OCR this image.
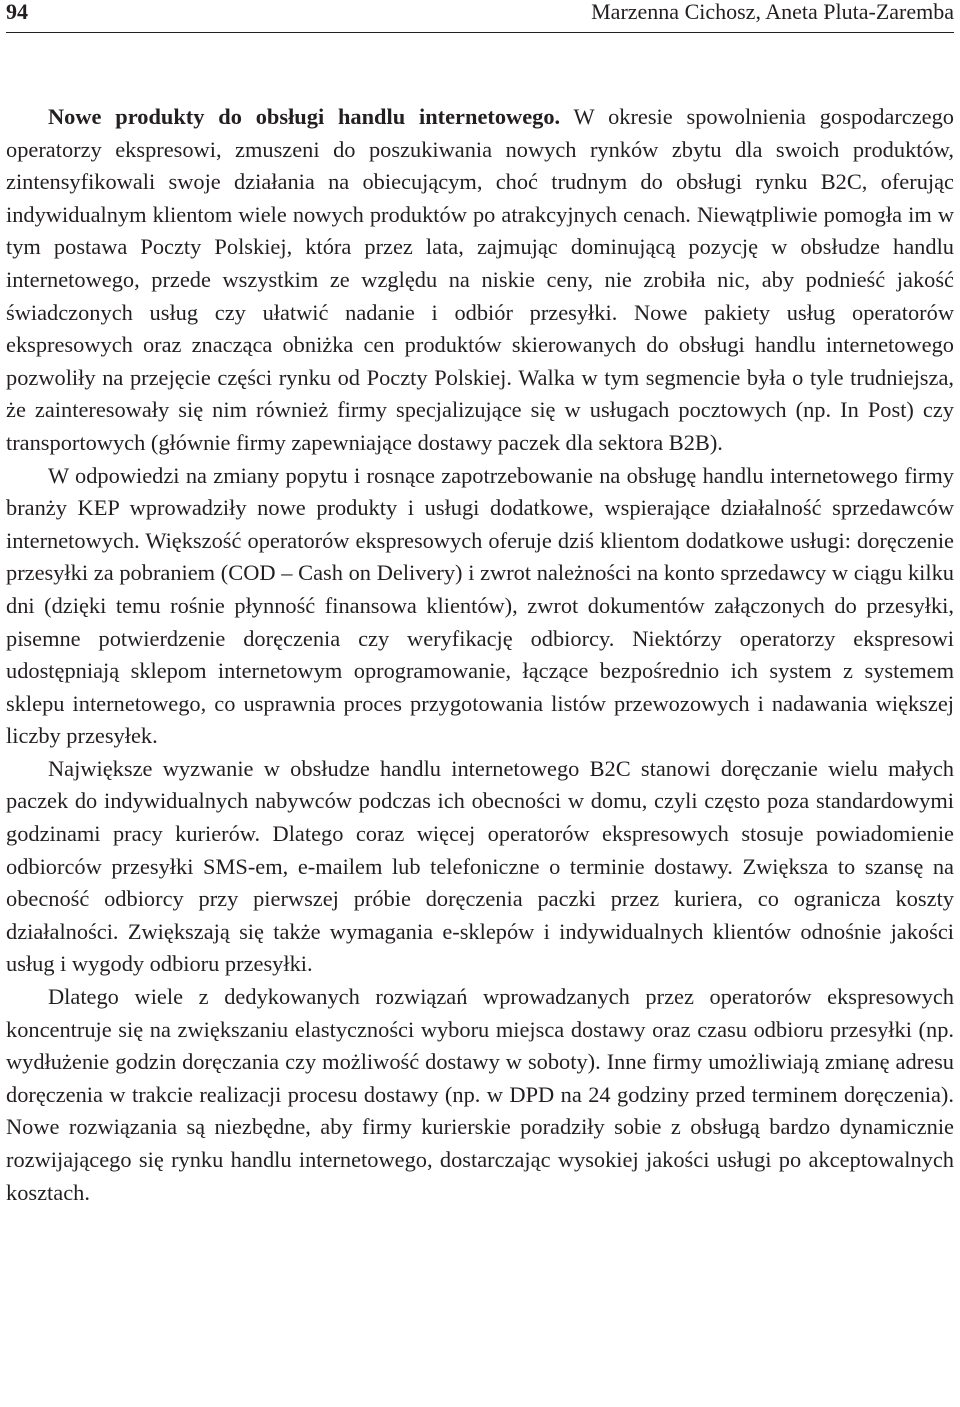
94	Marzenna Cichosz, Aneta Pluta-Zaremba

Nowe produkty do obsługi handlu internetowego. W okresie spowolnienia gospodarczego operatorzy ekspresowi, zmuszeni do poszukiwania nowych rynków zbytu dla swoich produktów, zintensyfikowali swoje działania na obiecującym, choć trudnym do obsługi rynku B2C, oferując indywidualnym klientom wiele nowych produktów po atrakcyjnych cenach. Niewątpliwie pomogła im w tym postawa Poczty Polskiej, która przez lata, zajmując dominującą pozycję w obsłudze handlu internetowego, przede wszystkim ze względu na niskie ceny, nie zrobiła nic, aby podnieść jakość świadczonych usług czy ułatwić nadanie i odbiór przesyłki. Nowe pakiety usług operatorów ekspresowych oraz znacząca obniżka cen produktów skierowanych do obsługi handlu internetowego pozwoliły na przejęcie części rynku od Poczty Polskiej. Walka w tym segmencie była o tyle trudniejsza, że zainteresowały się nim również firmy specjalizujące się w usługach pocztowych (np. In Post) czy transportowych (głównie firmy zapewniające dostawy paczek dla sektora B2B).

W odpowiedzi na zmiany popytu i rosnące zapotrzebowanie na obsługę handlu internetowego firmy branży KEP wprowadziły nowe produkty i usługi dodatkowe, wspierające działalność sprzedawców internetowych. Większość operatorów ekspresowych oferuje dziś klientom dodatkowe usługi: doręczenie przesyłki za pobraniem (COD – Cash on Delivery) i zwrot należności na konto sprzedawcy w ciągu kilku dni (dzięki temu rośnie płynność finansowa klientów), zwrot dokumentów załączonych do przesyłki, pisemne potwierdzenie doręczenia czy weryfikację odbiorcy. Niektórzy operatorzy ekspresowi udostępniają sklepom internetowym oprogramowanie, łączące bezpośrednio ich system z systemem sklepu internetowego, co usprawnia proces przygotowania listów przewozowych i nadawania większej liczby przesyłek.

Największe wyzwanie w obsłudze handlu internetowego B2C stanowi doręczanie wielu małych paczek do indywidualnych nabywców podczas ich obecności w domu, czyli często poza standardowymi godzinami pracy kurierów. Dlatego coraz więcej operatorów ekspresowych stosuje powiadomienie odbiorców przesyłki SMS-em, e-mailem lub telefoniczne o terminie dostawy. Zwiększa to szansę na obecność odbiorcy przy pierwszej próbie doręczenia paczki przez kuriera, co ogranicza koszty działalności. Zwiększają się także wymagania e-sklepów i indywidualnych klientów odnośnie jakości usług i wygody odbioru przesyłki.

Dlatego wiele z dedykowanych rozwiązań wprowadzanych przez operatorów ekspresowych koncentruje się na zwiększaniu elastyczności wyboru miejsca dostawy oraz czasu odbioru przesyłki (np. wydłużenie godzin doręczania czy możliwość dostawy w soboty). Inne firmy umożliwiają zmianę adresu doręczenia w trakcie realizacji procesu dostawy (np. w DPD na 24 godziny przed terminem doręczenia). Nowe rozwiązania są niezbędne, aby firmy kurierskie poradziły sobie z obsługą bardzo dynamicznie rozwijającego się rynku handlu internetowego, dostarczając wysokiej jakości usługi po akceptowalnych kosztach.
